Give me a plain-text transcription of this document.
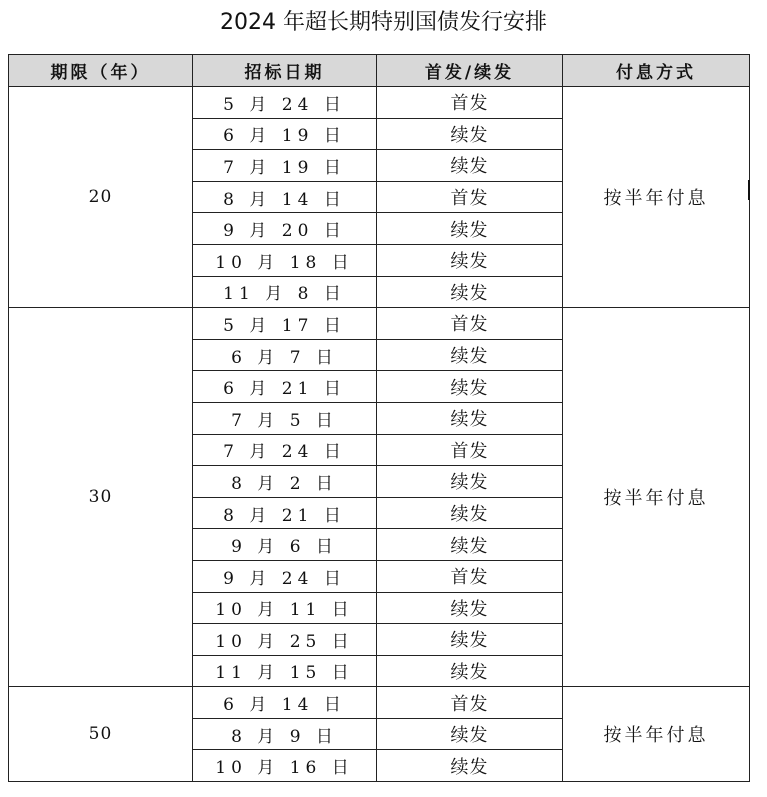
2024 年超长期特别国债发行安排
期限（年）	招标日期	首发/续发	付息方式
20	5 月 24 日	首发	按半年付息
	6 月 19 日	续发	
	7 月 19 日	续发	
	8 月 14 日	首发	
	9 月 20 日	续发	
	10 月 18 日	续发	
	11 月 8 日	续发	
30	5 月 17 日	首发	按半年付息
	6 月 7 日	续发	
	6 月 21 日	续发	
	7 月 5 日	续发	
	7 月 24 日	首发	
	8 月 2 日	续发	
	8 月 21 日	续发	
	9 月 6 日	续发	
	9 月 24 日	首发	
	10 月 11 日	续发	
	10 月 25 日	续发	
	11 月 15 日	续发	
50	6 月 14 日	首发	按半年付息
	8 月 9 日	续发	
	10 月 16 日	续发	
